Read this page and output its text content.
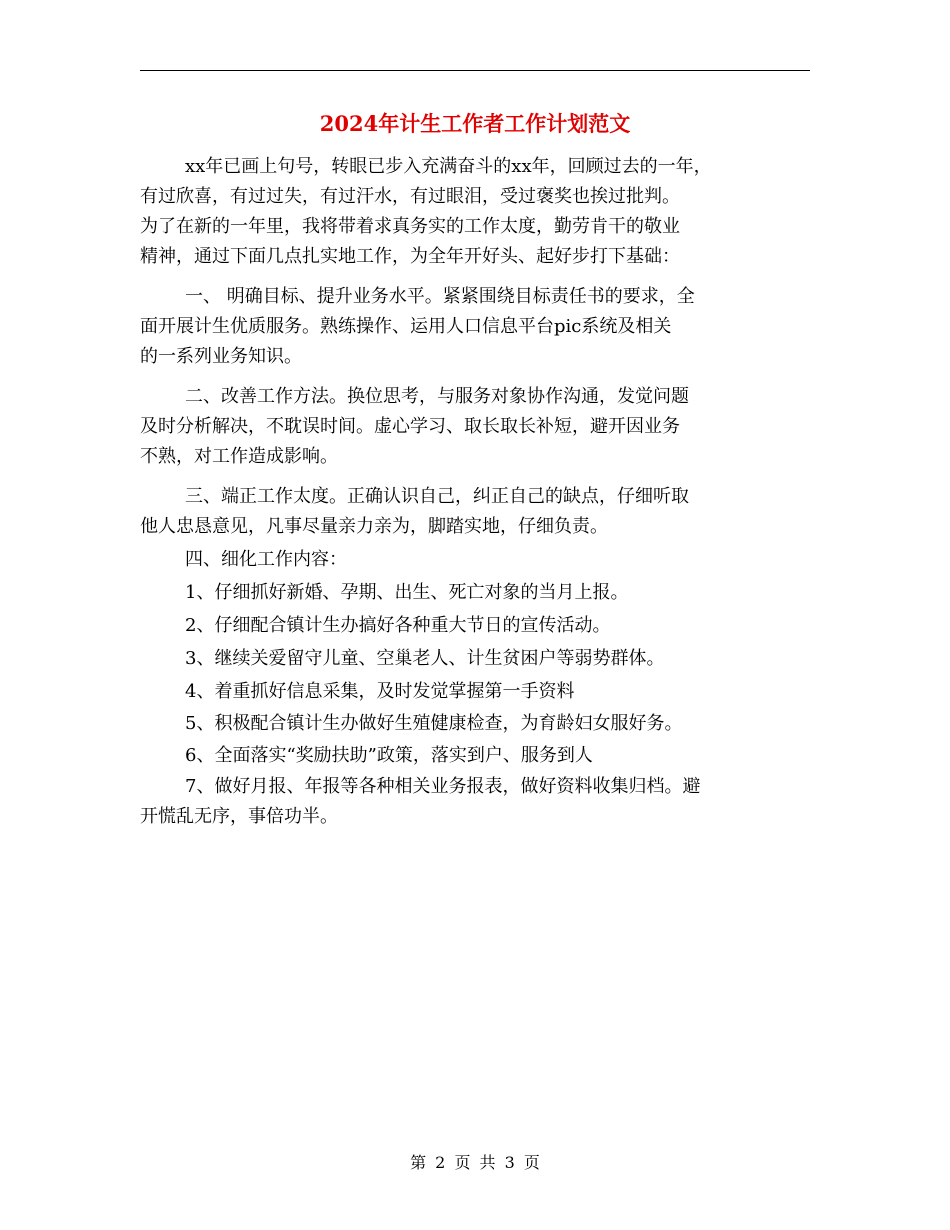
2024年计生工作者工作计划范文
xx年已画上句号，转眼已步入充满奋斗的xx年，回顾过去的一年，
有过欣喜，有过过失，有过汗水，有过眼泪，受过褒奖也挨过批判。
为了在新的一年里，我将带着求真务实的工作太度，勤劳肯干的敬业
精神，通过下面几点扎实地工作，为全年开好头、起好步打下基础：
一、 明确目标、提升业务水平。紧紧围绕目标责任书的要求，全
面开展计生优质服务。熟练操作、运用人口信息平台pic系统及相关
的一系列业务知识。
二、改善工作方法。换位思考，与服务对象协作沟通，发觉问题
及时分析解决，不耽误时间。虚心学习、取长取长补短，避开因业务
不熟，对工作造成影响。
三、端正工作太度。正确认识自己，纠正自己的缺点，仔细听取
他人忠恳意见，凡事尽量亲力亲为，脚踏实地，仔细负责。
四、细化工作内容：
1、仔细抓好新婚、孕期、出生、死亡对象的当月上报。
2、仔细配合镇计生办搞好各种重大节日的宣传活动。
3、继续关爱留守儿童、空巢老人、计生贫困户等弱势群体。
4、着重抓好信息采集，及时发觉掌握第一手资料
5、积极配合镇计生办做好生殖健康检查，为育龄妇女服好务。
6、全面落实“奖励扶助”政策，落实到户、服务到人
7、做好月报、年报等各种相关业务报表，做好资料收集归档。避
开慌乱无序，事倍功半。
第 2 页 共 3 页
